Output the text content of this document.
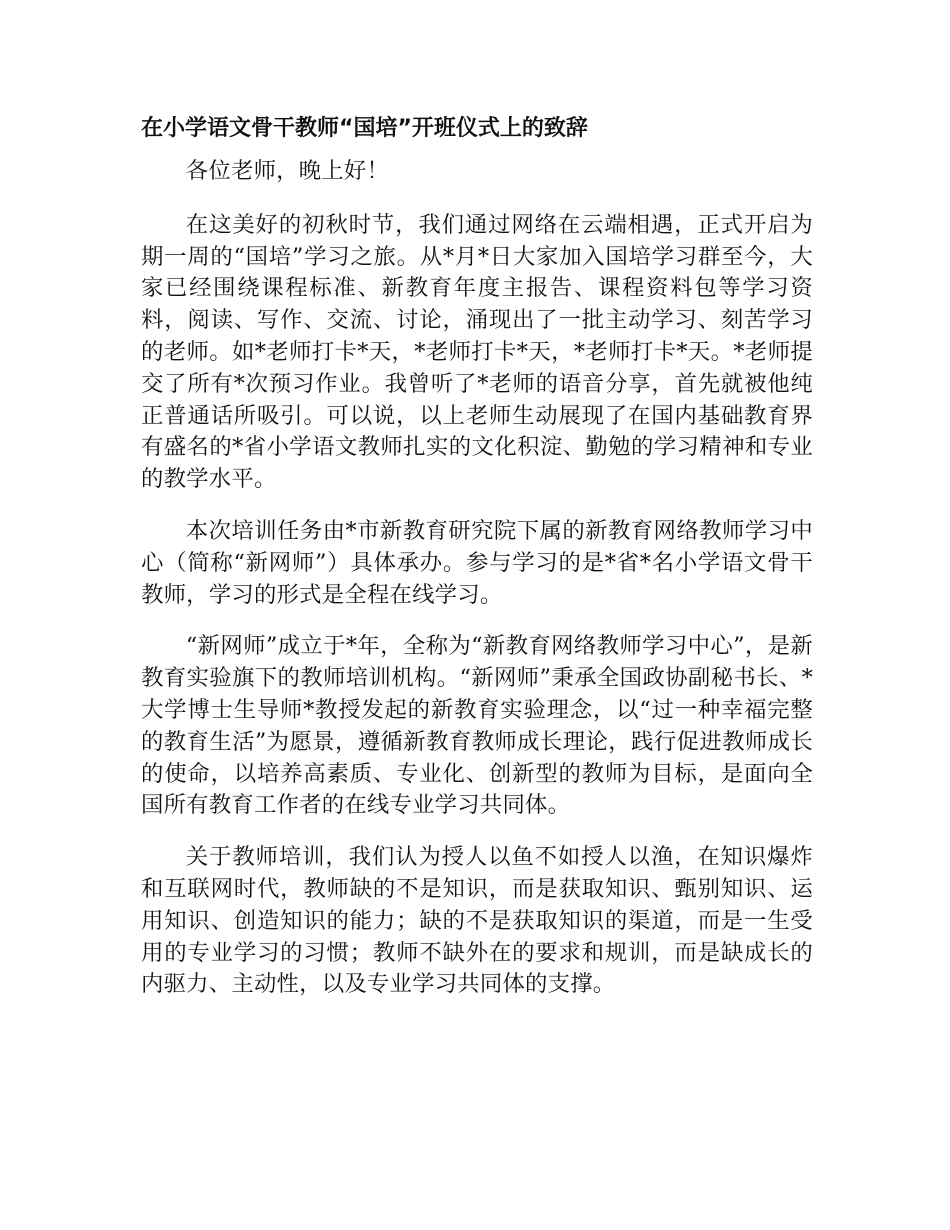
在小学语文骨干教师“国培”开班仪式上的致辞

各位老师，晚上好！

在这美好的初秋时节，我们通过网络在云端相遇，正式开启为期一周的“国培”学习之旅。从*月*日大家加入国培学习群至今，大家已经围绕课程标准、新教育年度主报告、课程资料包等学习资料，阅读、写作、交流、讨论，涌现出了一批主动学习、刻苦学习的老师。如*老师打卡*天，*老师打卡*天，*老师打卡*天。*老师提交了所有*次预习作业。我曾听了*老师的语音分享，首先就被他纯正普通话所吸引。可以说，以上老师生动展现了在国内基础教育界有盛名的*省小学语文教师扎实的文化积淀、勤勉的学习精神和专业的教学水平。

本次培训任务由*市新教育研究院下属的新教育网络教师学习中心（简称“新网师”）具体承办。参与学习的是*省*名小学语文骨干教师，学习的形式是全程在线学习。

“新网师”成立于*年，全称为“新教育网络教师学习中心”，是新教育实验旗下的教师培训机构。“新网师”秉承全国政协副秘书长、*大学博士生导师*教授发起的新教育实验理念，以“过一种幸福完整的教育生活”为愿景，遵循新教育教师成长理论，践行促进教师成长的使命，以培养高素质、专业化、创新型的教师为目标，是面向全国所有教育工作者的在线专业学习共同体。

关于教师培训，我们认为授人以鱼不如授人以渔，在知识爆炸和互联网时代，教师缺的不是知识，而是获取知识、甄别知识、运用知识、创造知识的能力；缺的不是获取知识的渠道，而是一生受用的专业学习的习惯；教师不缺外在的要求和规训，而是缺成长的内驱力、主动性，以及专业学习共同体的支撑。
